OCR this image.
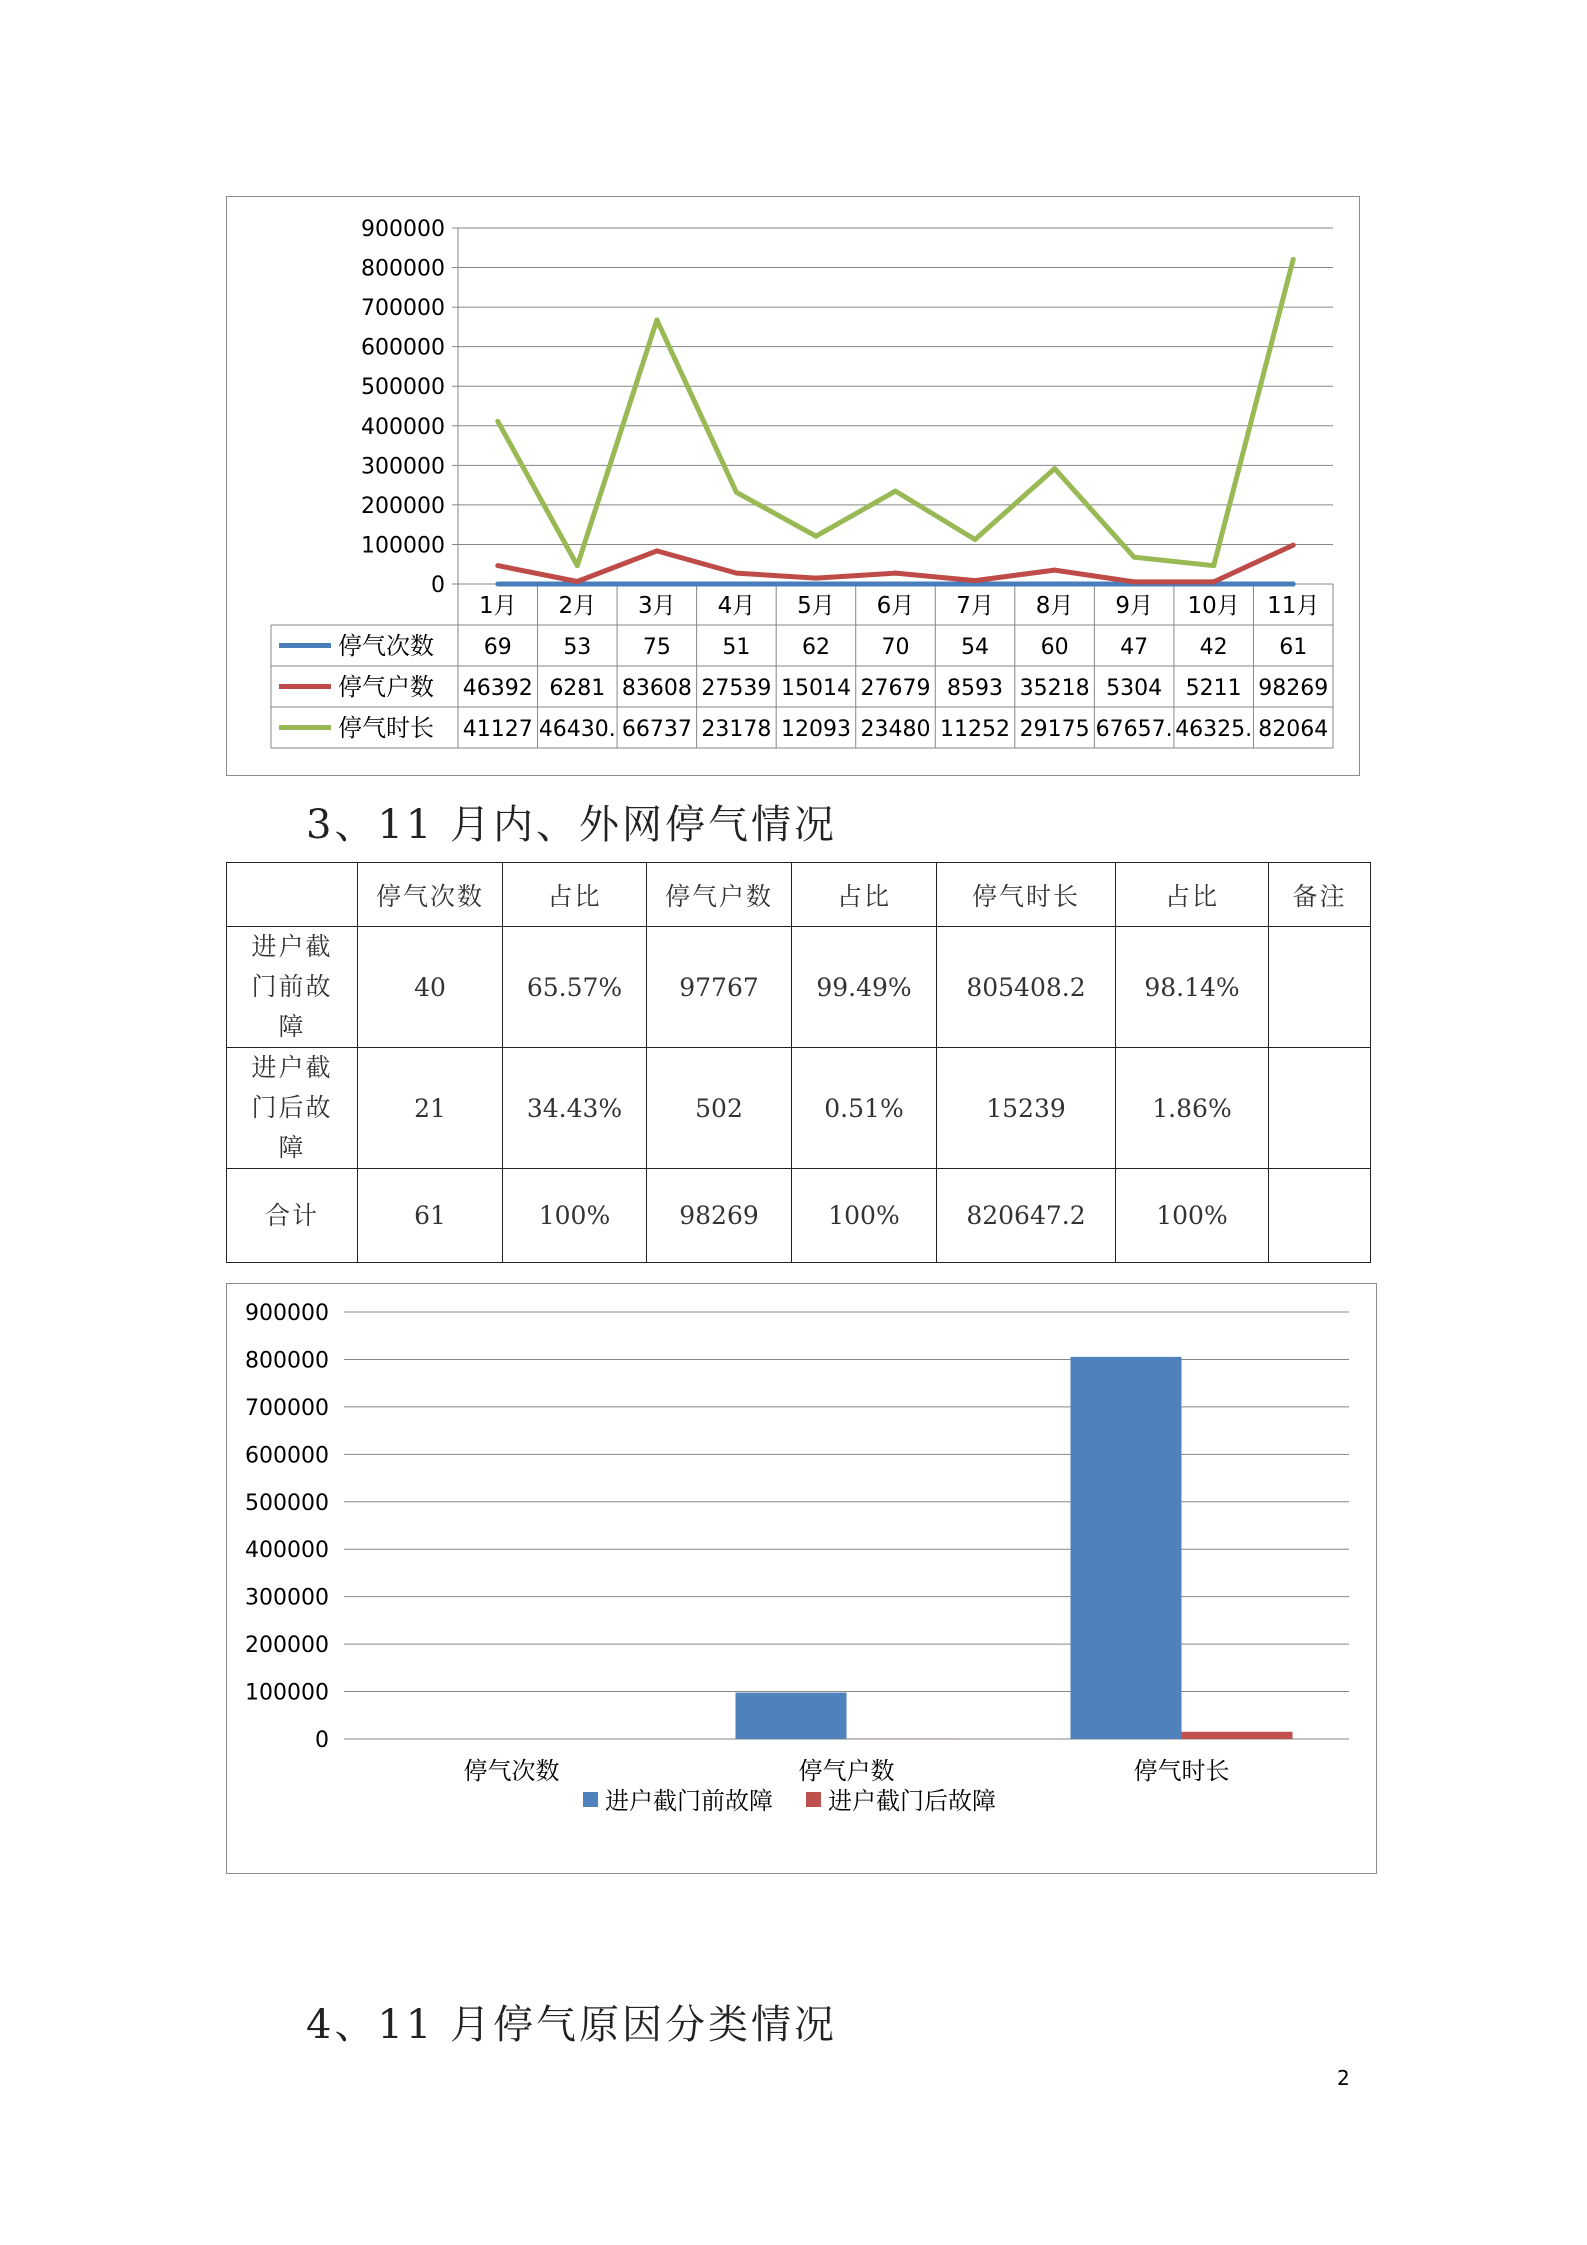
900000
800000
700000
600000
500000
400000
300000
200000
100000
0
1月 2月 3月 4月 5月 6月 7月 8月 9月 10月 11月
停气次数 69 53 75 51 62 70 54 60 47 42 61
停气户数 46392 6281 83608 27539 15014 27679 8593 35218 5304 5211 98269
停气时长 41127 46430. 66737 23178 12093 23480 11252 29175 67657. 46325. 82064
3、11 月内、外网停气情况
	停气次数	占比	停气户数	占比	停气时长	占比	备注

进户截
门前故
障	40	65.57%	97767	99.49%	805408.2	98.14%	

进户截
门后故
障	21	34.43%	502	0.51%	15239	1.86%	

合计	61	100%	98269	100%	820647.2	100%	
900000
800000
700000
600000
500000
400000
300000
200000
100000
0
停气次数	停气户数	停气时长
进户截门前故障 进户截门后故障
4、11 月停气原因分类情况
2
